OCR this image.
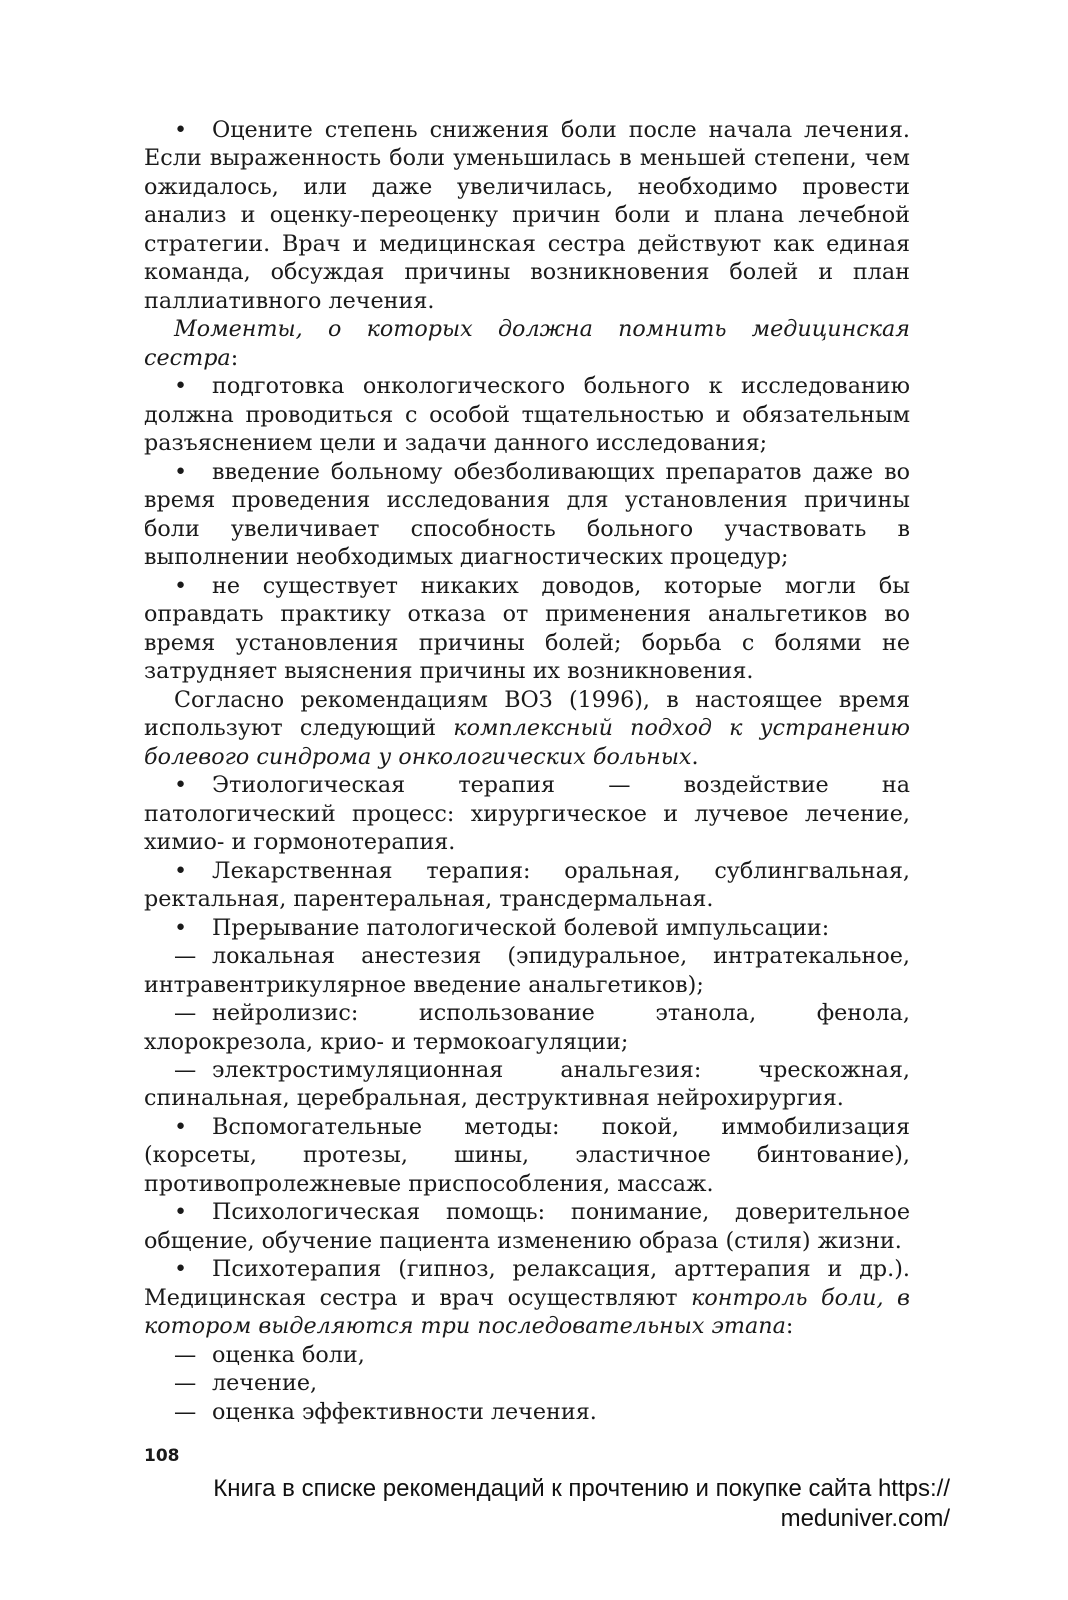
• Оцените степень снижения боли после начала лечения. Если выраженность боли уменьшилась в меньшей степени, чем ожидалось, или даже увеличилась, необходимо провести анализ и оценку-переоценку причин боли и плана лечебной стратегии. Врач и медицинская сестра действуют как единая команда, обсуждая причины возникновения болей и план паллиативного лечения.

Моменты, о которых должна помнить медицинская сестра:

• подготовка онкологического больного к исследованию должна проводиться с особой тщательностью и обязательным разъяснением цели и задачи данного исследования;

• введение больному обезболивающих препаратов даже во время проведения исследования для установления причины боли увеличивает способность больного участвовать в выполнении необходимых диагностических процедур;

• не существует никаких доводов, которые могли бы оправдать практику отказа от применения анальгетиков во время установления причины болей; борьба с болями не затрудняет выяснения причины их возникновения.

Согласно рекомендациям ВОЗ (1996), в настоящее время используют следующий комплексный подход к устранению болевого синдрома у онкологических больных.

• Этиологическая терапия — воздействие на патологический процесс: хирургическое и лучевое лечение, химио- и гормонотерапия.

• Лекарственная терапия: оральная, сублингвальная, ректальная, парентеральная, трансдермальная.

• Прерывание патологической болевой импульсации:

— локальная анестезия (эпидуральное, интратекальное, интравентрикулярное введение анальгетиков);

— нейролизис: использование этанола, фенола, хлорокрезола, крио- и термокоагуляции;

— электростимуляционная анальгезия: чрескожная, спинальная, церебральная, деструктивная нейрохирургия.

• Вспомогательные методы: покой, иммобилизация (корсеты, протезы, шины, эластичное бинтование), противопролежневые приспособления, массаж.

• Психологическая помощь: понимание, доверительное общение, обучение пациента изменению образа (стиля) жизни.

• Психотерапия (гипноз, релаксация, арттерапия и др.). Медицинская сестра и врач осуществляют контроль боли, в котором выделяются три последовательных этапа:

— оценка боли,

— лечение,

— оценка эффективности лечения.

108
Книга в списке рекомендаций к прочтению и покупке сайта https://
meduniver.com/
